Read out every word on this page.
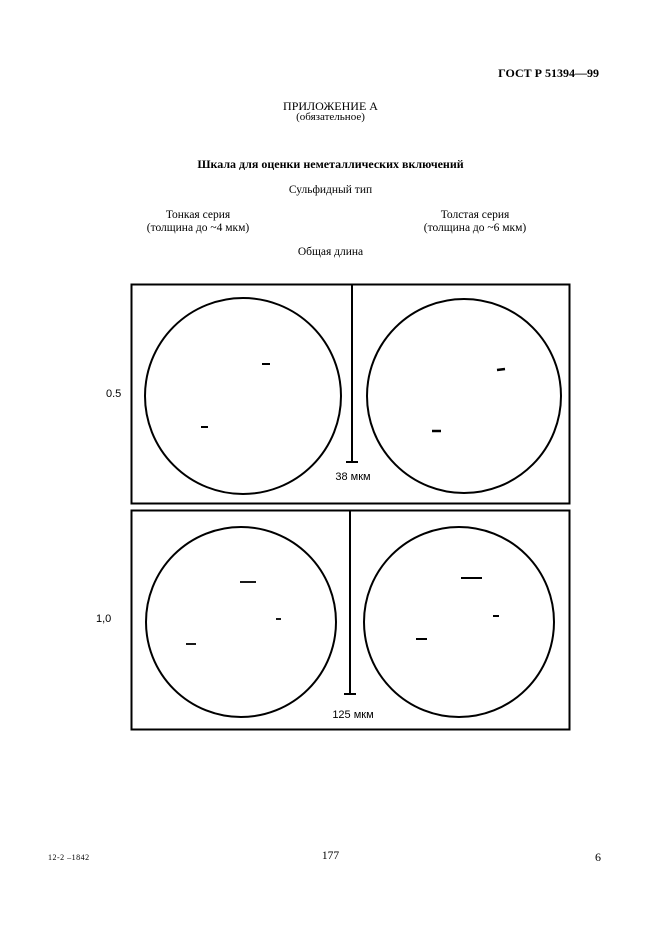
ГОСТ Р 51394—99
ПРИЛОЖЕНИЕ А
(обязательное)
Шкала для оценки неметаллических включений
Сульфидный тип
Тонкая серия
(толщина до ~4 мкм)
Толстая серия
(толщина до ~6 мкм)
Общая длина
0.5
1,0
38 мкм
125 мкм
12-2 –1842	177	6
